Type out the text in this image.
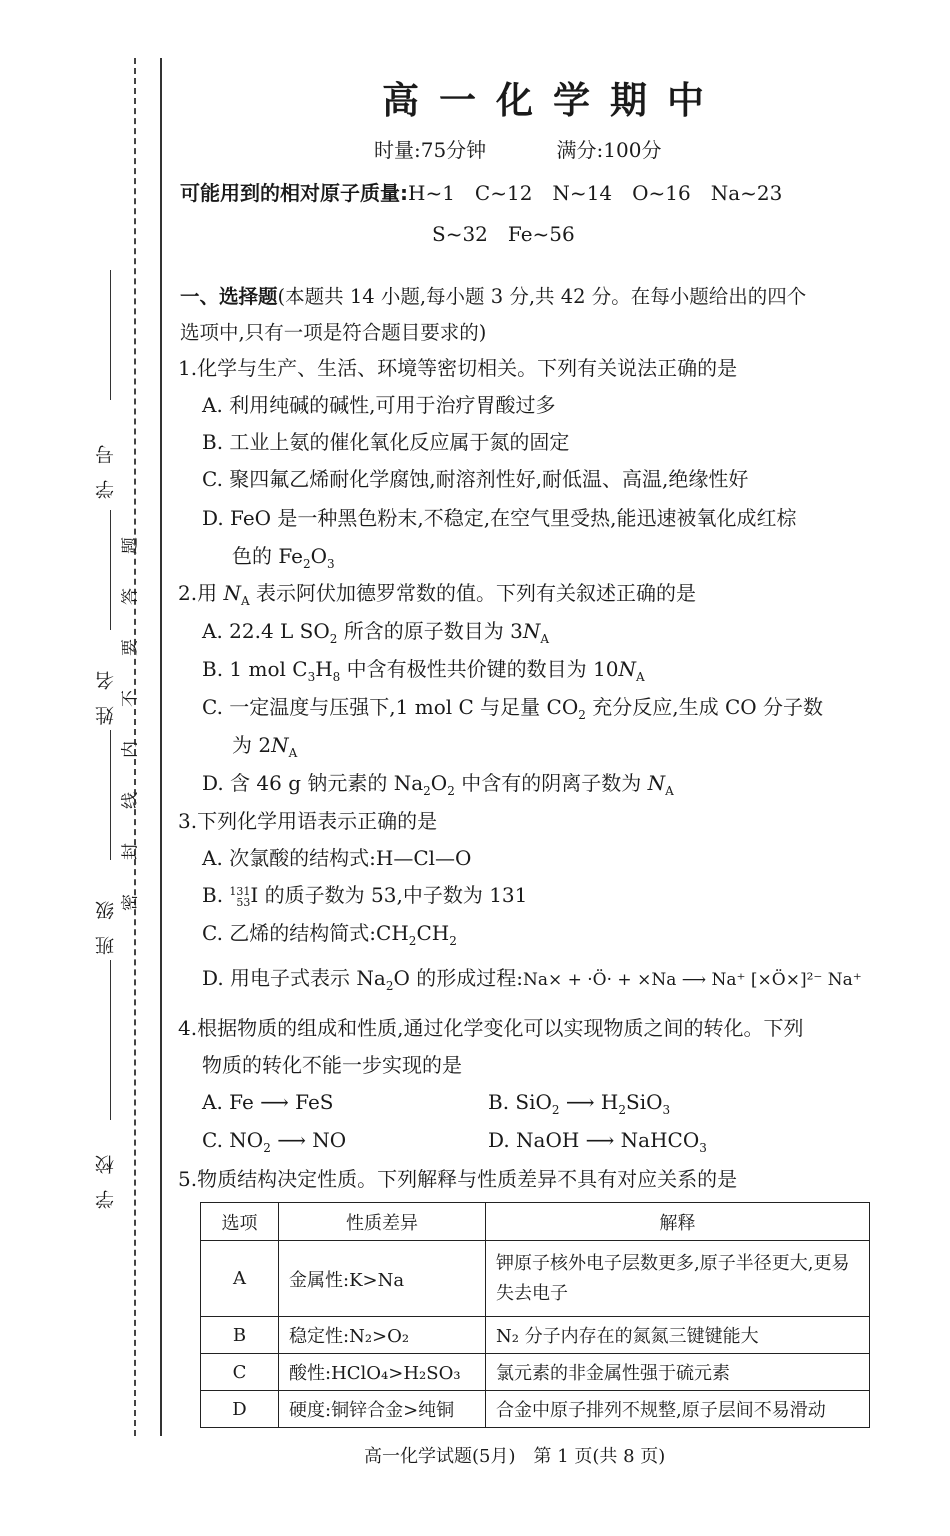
学号
姓名
班级
学校
题
答
要
不
内
线
封
密
高一化学期中
时量:75分钟	满分:100分
可能用到的相对原子质量:H~1　C~12　N~14　O~16　Na~23
S~32　Fe~56
一、选择题(本题共 14 小题,每小题 3 分,共 42 分。在每小题给出的四个
选项中,只有一项是符合题目要求的)
1.化学与生产、生活、环境等密切相关。下列有关说法正确的是
A. 利用纯碱的碱性,可用于治疗胃酸过多
B. 工业上氨的催化氧化反应属于氮的固定
C. 聚四氟乙烯耐化学腐蚀,耐溶剂性好,耐低温、高温,绝缘性好
D. FeO 是一种黑色粉末,不稳定,在空气里受热,能迅速被氧化成红棕
色的 $Fe_2O_3$
2.用 $N_A$ 表示阿伏加德罗常数的值。下列有关叙述正确的是
A. 22.4 L $SO_2$ 所含的原子数目为 $3N_A$
B. 1 mol $C_3H_8$ 中含有极性共价键的数目为 $10N_A$
C. 一定温度与压强下,1 mol C 与足量 $CO_2$ 充分反应,生成 CO 分子数
为 $2N_A$
D. 含 46 g 钠元素的 $Na_2O_2$ 中含有的阴离子数为 $N_A$
3.下列化学用语表示正确的是
A. 次氯酸的结构式:H—Cl—O
B. 131
53I 的质子数为 53,中子数为 131
C. 乙烯的结构简式$:CH_2CH_2$
D. 用电子式表示 $Na_2O$ 的形成过程:Na× + ·Ö· + ×Na ⟶ Na⁺ [×Ö×]²⁻ Na⁺
4.根据物质的组成和性质,通过化学变化可以实现物质之间的转化。下列
物质的转化不能一步实现的是
A. Fe ⟶ FeS	B. SiO$_2$ ⟶ $H_2SiO_3$
C. $NO_2$ ⟶ NO	D. NaOH ⟶ NaHCO$_3$
5.物质结构决定性质。下列解释与性质差异不具有对应关系的是
选项	性质差异	解释
A	金属性:K>Na	钾原子核外电子层数更多,原子半径更大,更易失去电子
B	稳定性:N₂>O₂	N₂ 分子内存在的氮氮三键键能大
C	酸性:HClO₄>H₂SO₃	氯元素的非金属性强于硫元素
D	硬度:铜锌合金>纯铜	合金中原子排列不规整,原子层间不易滑动
高一化学试题(5月)　第 1 页(共 8 页)
